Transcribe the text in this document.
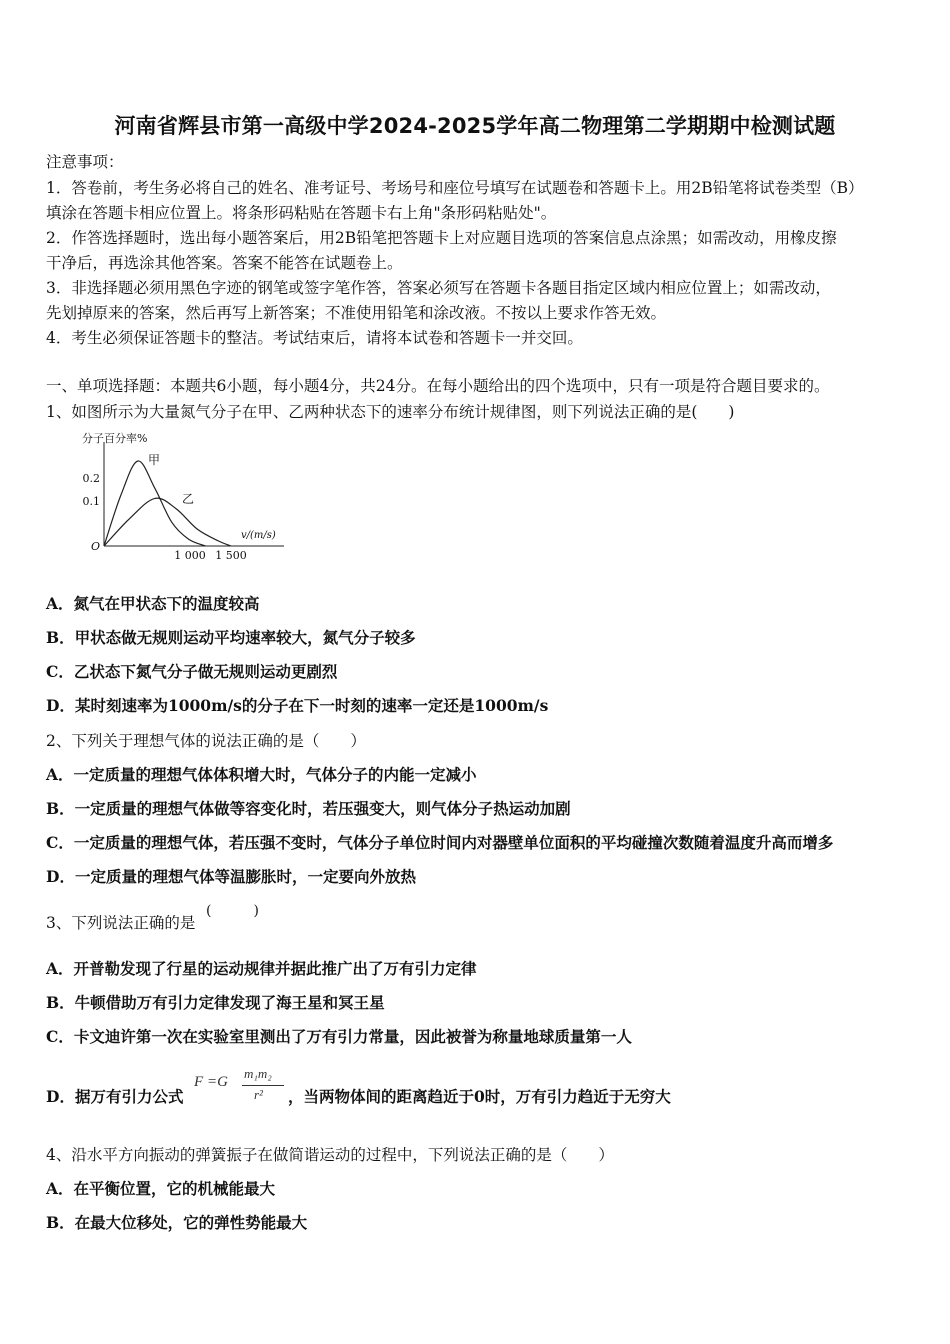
河南省辉县市第一高级中学2024-2025学年高二物理第二学期期中检测试题
注意事项：
1．答卷前，考生务必将自己的姓名、准考证号、考场号和座位号填写在试题卷和答题卡上。用2B铅笔将试卷类型（B）
填涂在答题卡相应位置上。将条形码粘贴在答题卡右上角"条形码粘贴处"。
2．作答选择题时，选出每小题答案后，用2B铅笔把答题卡上对应题目选项的答案信息点涂黑；如需改动，用橡皮擦
干净后，再选涂其他答案。答案不能答在试题卷上。
3．非选择题必须用黑色字迹的钢笔或签字笔作答，答案必须写在答题卡各题目指定区域内相应位置上；如需改动，
先划掉原来的答案，然后再写上新答案；不准使用铅笔和涂改液。不按以上要求作答无效。
4．考生必须保证答题卡的整洁。考试结束后，请将本试卷和答题卡一并交回。
一、单项选择题：本题共6小题，每小题4分，共24分。在每小题给出的四个选项中，只有一项是符合题目要求的。
1、如图所示为大量氮气分子在甲、乙两种状态下的速率分布统计规律图，则下列说法正确的是(　　)
分子百分率%
v/(m/s)
O
0.2
0.1
1 000 1 500
甲
乙
A．氮气在甲状态下的温度较高
B．甲状态做无规则运动平均速率较大，氮气分子较多
C．乙状态下氮气分子做无规则运动更剧烈
D．某时刻速率为1000m/s的分子在下一时刻的速率一定还是1000m/s
2、下列关于理想气体的说法正确的是（　　）
A．一定质量的理想气体体积增大时，气体分子的内能一定减小
B．一定质量的理想气体做等容变化时，若压强变大，则气体分子热运动加剧
C．一定质量的理想气体，若压强不变时，气体分子单位时间内对器壁单位面积的平均碰撞次数随着温度升高而增多
D．一定质量的理想气体等温膨胀时，一定要向外放热
3、下列说法正确的是
(　　　)
A．开普勒发现了行星的运动规律并据此推广出了万有引力定律
B．牛顿借助万有引力定律发现了海王星和冥王星
C．卡文迪许第一次在实验室里测出了万有引力常量，因此被誉为称量地球质量第一人
D．据万有引力公式
F =G
m₁m₂
r² ，当两物体间的距离趋近于0时，万有引力趋近于无穷大
4、沿水平方向振动的弹簧振子在做简谐运动的过程中，下列说法正确的是（　　）
A．在平衡位置，它的机械能最大
B．在最大位移处，它的弹性势能最大
